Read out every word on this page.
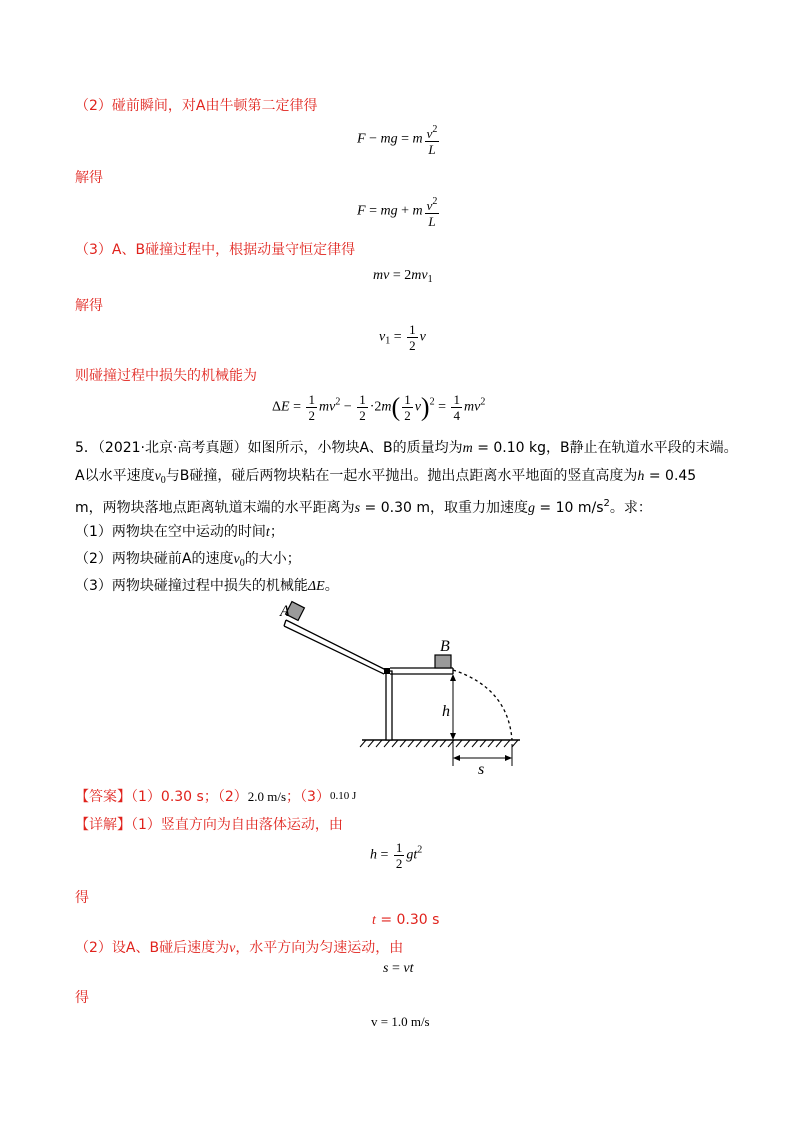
（2）碰前瞬间，对A由牛顿第二定律得
F − mg = m $\frac{v^2}{L}$
解得
F = mg + m $\frac{v^2}{L}$
（3）A、B碰撞过程中，根据动量守恒定律得
mv = $2mv_1$
解得
$v_1 = \frac{1}{2}$ v
则碰撞过程中损失的机械能为
$\Delta E = \frac{1}{2} mv^2 - \frac{1}{2} \cdot 2m( \frac{1}{2} v)^2 = \frac{1}{4} mv^2$
5．（2021·北京·高考真题）如图所示，小物块A、B的质量均为m = 0.10 kg，B静止在轨道水平段的末端。
A以水平速度$v_0$与B碰撞，碰后两物块粘在一起水平抛出。抛出点距离水平地面的竖直高度为h = 0.45
m，两物块落地点距离轨道末端的水平距离为s = 0.30 m，取重力加速度g = 10 $m/s^2$。求：
（1）两物块在空中运动的时间t；
（2）两物块碰前A的速度$v_0$的大小；
（3）两物块碰撞过程中损失的机械能ΔE。
A
B
h
s
【答案】（1）0.30 s；（2）2.0 m/s；（3）0.10 J
【详解】（1）竖直方向为自由落体运动，由
$h = \frac{1}{2} gt^2$
得
t = 0.30 s
（2）设A、B碰后速度为v，水平方向为匀速运动，由
s = vt
得
v = 1.0 m/s
